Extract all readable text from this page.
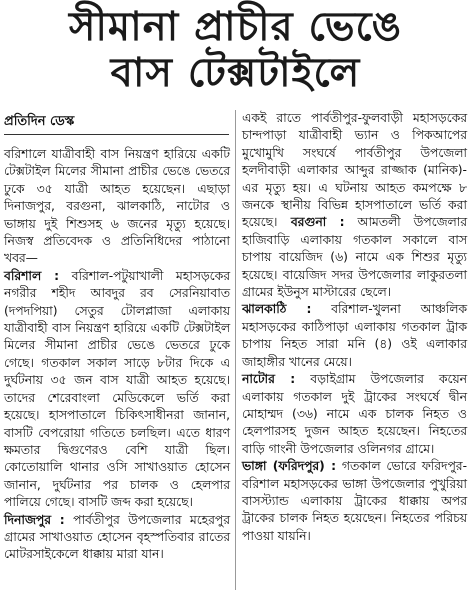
সীমানা প্রাচীর ভেঙে
বাস টেক্সটাইলে
প্রতিদিন ডেস্ক

বরিশালে যাত্রীবাহী বাস নিয়ন্ত্রণ হারিয়ে একটি টেক্সটাইল মিলের সীমানা প্রাচীর ভেঙে ভেতরে ঢুকে ৩৫ যাত্রী আহত হয়েছেন। এছাড়া দিনাজপুর, বরগুনা, ঝালকাঠি, নাটোর ও ভাঙ্গায় দুই শিশুসহ ৬ জনের মৃত্যু হয়েছে। নিজস্ব প্রতিবেদক ও প্রতিনিধিদের পাঠানো খবর—

বরিশাল : বরিশাল-পটুয়াখালী মহাসড়কের নগরীর শহীদ আবদুর রব সেরনিয়াবাত (দপদপিয়া) সেতুর টোলপ্লাজা এলাকায় যাত্রীবাহী বাস নিয়ন্ত্রণ হারিয়ে একটি টেক্সটাইল মিলের সীমানা প্রাচীর ভেঙে ভেতরে ঢুকে গেছে। গতকাল সকাল সাড়ে ৮টার দিকে এ দুর্ঘটনায় ৩৫ জন বাস যাত্রী আহত হয়েছে। তাদের শেরেবাংলা মেডিকেলে ভর্তি করা হয়েছে। হাসপাতালে চিকিৎসাধীনরা জানান, বাসটি বেপরোয়া গতিতে চলছিল। এতে ধারণ ক্ষমতার দ্বিগুণেরও বেশি যাত্রী ছিল। কোতোয়ালি থানার ওসি সাখাওয়াত হোসেন জানান, দুর্ঘটনার পর চালক ও হেলপার পালিয়ে গেছে। বাসটি জব্দ করা হয়েছে।

দিনাজপুর : পার্বতীপুর উপজেলার মহেরপুর গ্রামের সাখাওয়াত হোসেন বৃহস্পতিবার রাতের মোটরসাইকেলে ধাক্কায় মারা যান।

একই রাতে পার্বতীপুর-ফুলবাড়ী মহাসড়কের চান্দপাড়া যাত্রীবাহী ভ্যান ও পিকআপের মুখোমুখি সংঘর্ষে পার্বতীপুর উপজেলা হলদীবাড়ী এলাকার আব্দুর রাজ্জাক (মানিক)-এর মৃত্যু হয়। এ ঘটনায় আহত কমপক্ষে ৮ জনকে স্থানীয় বিভিন্ন হাসপাতালে ভর্তি করা হয়েছে। বরগুনা : আমতলী উপজেলার হাজিবাড়ি এলাকায় গতকাল সকালে বাস চাপায় বায়েজিদ (৬) নামে এক শিশুর মৃত্যু হয়েছে। বায়েজিদ সদর উপজেলার লাকুরতলা গ্রামের ইউনুস মাস্টারের ছেলে।

ঝালকাঠি : বরিশাল-খুলনা আঞ্চলিক মহাসড়কের কাঠিপাড়া এলাকায় গতকাল ট্রাক চাপায় নিহত সারা মনি (৪) ওই এলাকার জাহাঙ্গীর খানের মেয়ে।

নাটোর : বড়াইগ্রাম উপজেলার কয়েন এলাকায় গতকাল দুই ট্রাকের সংঘর্ষে দ্বীন মোহাম্মদ (৩৬) নামে এক চালক নিহত ও হেলপারসহ দুজন আহত হয়েছেন। নিহতের বাড়ি গাংনী উপজেলার ওলিনগর গ্রামে।

ভাঙ্গা (ফরিদপুর) : গতকাল ভোরে ফরিদপুর- বরিশাল মহাসড়কের ভাঙ্গা উপজেলার পুখুরিয়া বাসস্ট্যান্ড এলাকায় ট্রাকের ধাক্কায় অপর ট্রাকের চালক নিহত হয়েছেন। নিহতের পরিচয় পাওয়া যায়নি।
